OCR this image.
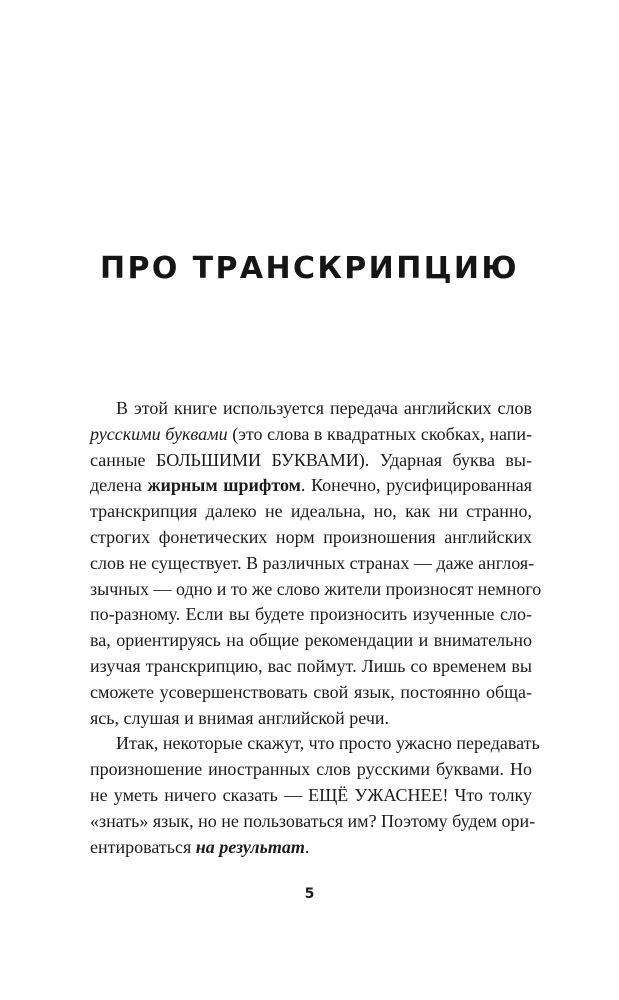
ПРО ТРАНСКРИПЦИЮ
В этой книге используется передача английских слов
русскими буквами (это слова в квадратных скобках, напи-
санные БОЛЬШИМИ БУКВАМИ). Ударная буква вы-
делена жирным шрифтом. Конечно, русифицированная
транскрипция далеко не идеальна, но, как ни странно,
строгих фонетических норм произношения английских
слов не существует. В различных странах — даже англоя-
зычных — одно и то же слово жители произносят немного
по-разному. Если вы будете произносить изученные сло-
ва, ориентируясь на общие рекомендации и внимательно
изучая транскрипцию, вас поймут. Лишь со временем вы
сможете усовершенствовать свой язык, постоянно обща-
ясь, слушая и внимая английской речи.
Итак, некоторые скажут, что просто ужасно передавать
произношение иностранных слов русскими буквами. Но
не уметь ничего сказать — ЕЩЁ УЖАСНЕЕ! Что толку
«знать» язык, но не пользоваться им? Поэтому будем ори-
ентироваться на результат.
5
